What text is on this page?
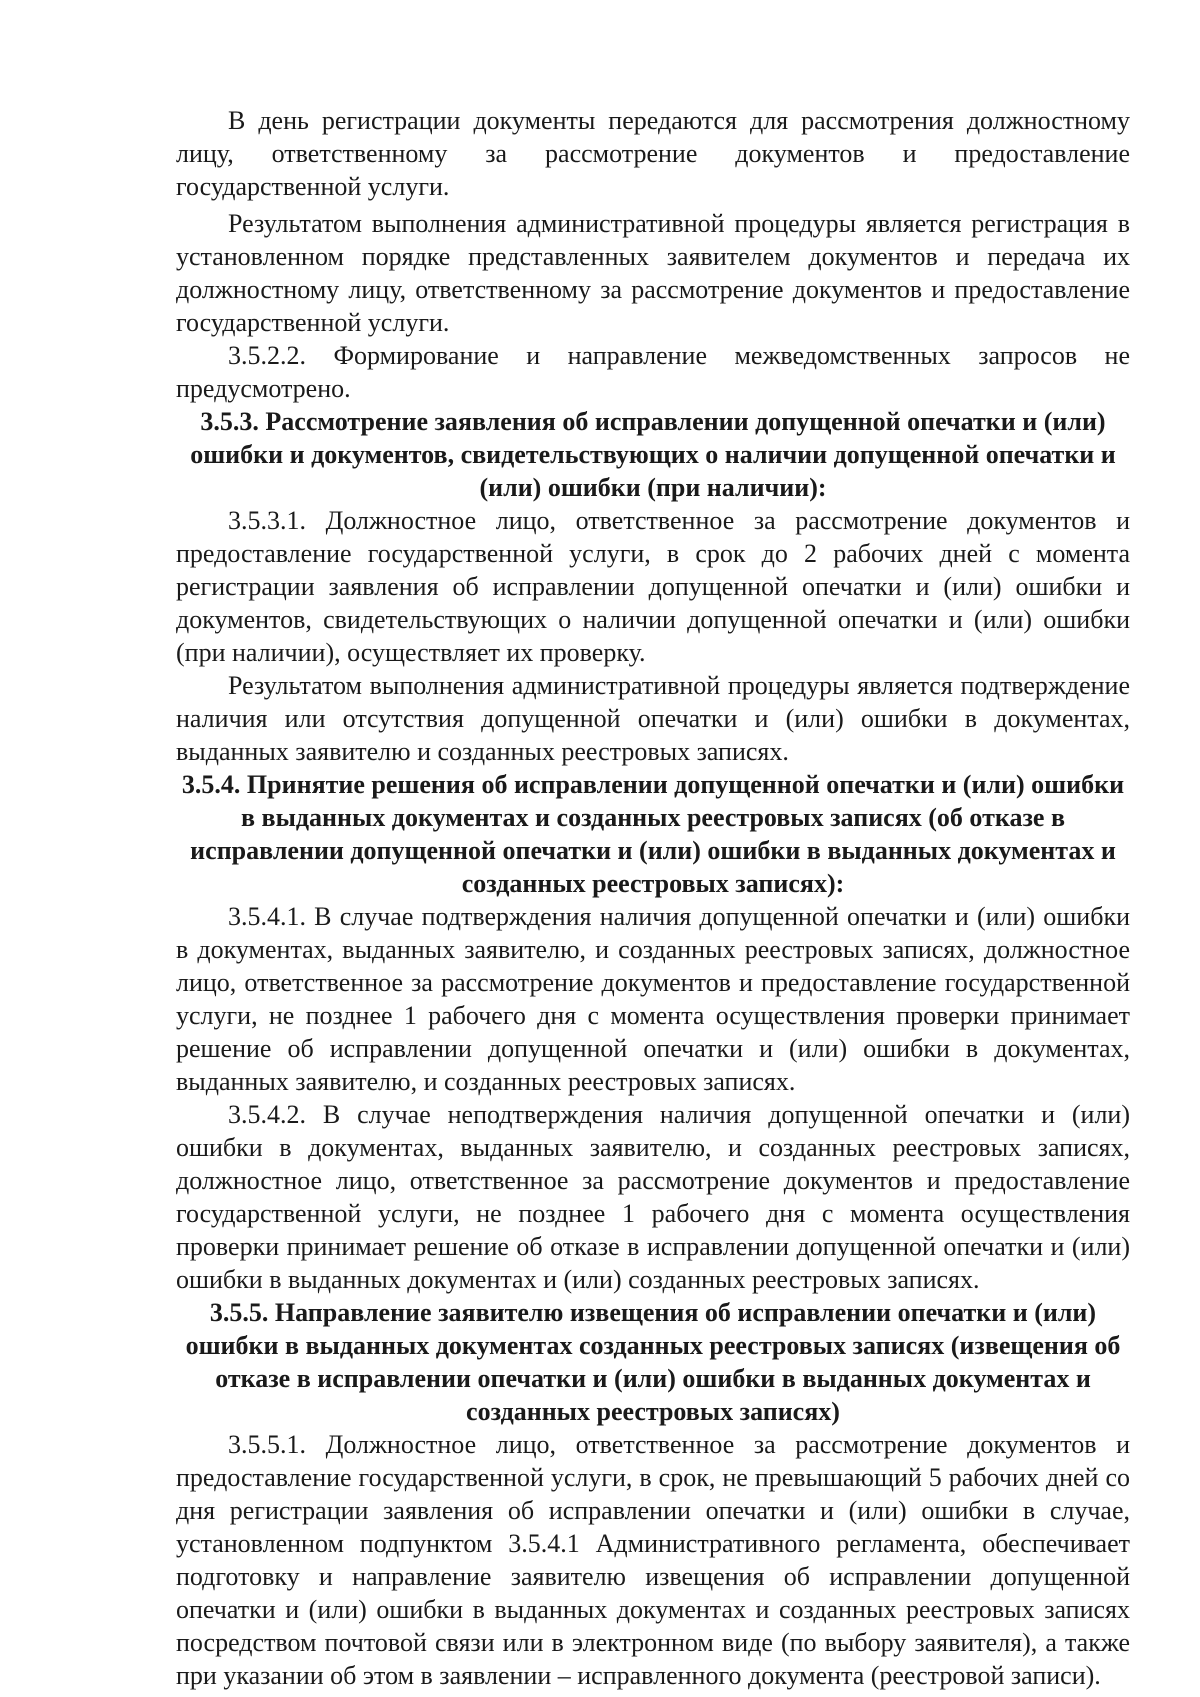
В день регистрации документы передаются для рассмотрения должностному лицу, ответственному за рассмотрение документов и предоставление государственной услуги.

Результатом выполнения административной процедуры является регистрация в установленном порядке представленных заявителем документов и передача их должностному лицу, ответственному за рассмотрение документов и предоставление государственной услуги.

3.5.2.2. Формирование и направление межведомственных запросов не предусмотрено.

3.5.3. Рассмотрение заявления об исправлении допущенной опечатки и (или) ошибки и документов, свидетельствующих о наличии допущенной опечатки и (или) ошибки (при наличии):

3.5.3.1. Должностное лицо, ответственное за рассмотрение документов и предоставление государственной услуги, в срок до 2 рабочих дней с момента регистрации заявления об исправлении допущенной опечатки и (или) ошибки и документов, свидетельствующих о наличии допущенной опечатки и (или) ошибки (при наличии), осуществляет их проверку.

Результатом выполнения административной процедуры является подтверждение наличия или отсутствия допущенной опечатки и (или) ошибки в документах, выданных заявителю и созданных реестровых записях.

3.5.4. Принятие решения об исправлении допущенной опечатки и (или) ошибки в выданных документах и созданных реестровых записях (об отказе в исправлении допущенной опечатки и (или) ошибки в выданных документах и созданных реестровых записях):

3.5.4.1. В случае подтверждения наличия допущенной опечатки и (или) ошибки в документах, выданных заявителю, и созданных реестровых записях, должностное лицо, ответственное за рассмотрение документов и предоставление государственной услуги, не позднее 1 рабочего дня с момента осуществления проверки принимает решение об исправлении допущенной опечатки и (или) ошибки в документах, выданных заявителю, и созданных реестровых записях.

3.5.4.2. В случае неподтверждения наличия допущенной опечатки и (или) ошибки в документах, выданных заявителю, и созданных реестровых записях, должностное лицо, ответственное за рассмотрение документов и предоставление государственной услуги, не позднее 1 рабочего дня с момента осуществления проверки принимает решение об отказе в исправлении допущенной опечатки и (или) ошибки в выданных документах и (или) созданных реестровых записях.

3.5.5. Направление заявителю извещения об исправлении опечатки и (или) ошибки в выданных документах созданных реестровых записях (извещения об отказе в исправлении опечатки и (или) ошибки в выданных документах и созданных реестровых записях)

3.5.5.1. Должностное лицо, ответственное за рассмотрение документов и предоставление государственной услуги, в срок, не превышающий 5 рабочих дней со дня регистрации заявления об исправлении опечатки и (или) ошибки в случае, установленном подпунктом 3.5.4.1 Административного регламента, обеспечивает подготовку и направление заявителю извещения об исправлении допущенной опечатки и (или) ошибки в выданных документах и созданных реестровых записях посредством почтовой связи или в электронном виде (по выбору заявителя), а также при указании об этом в заявлении – исправленного документа (реестровой записи).
